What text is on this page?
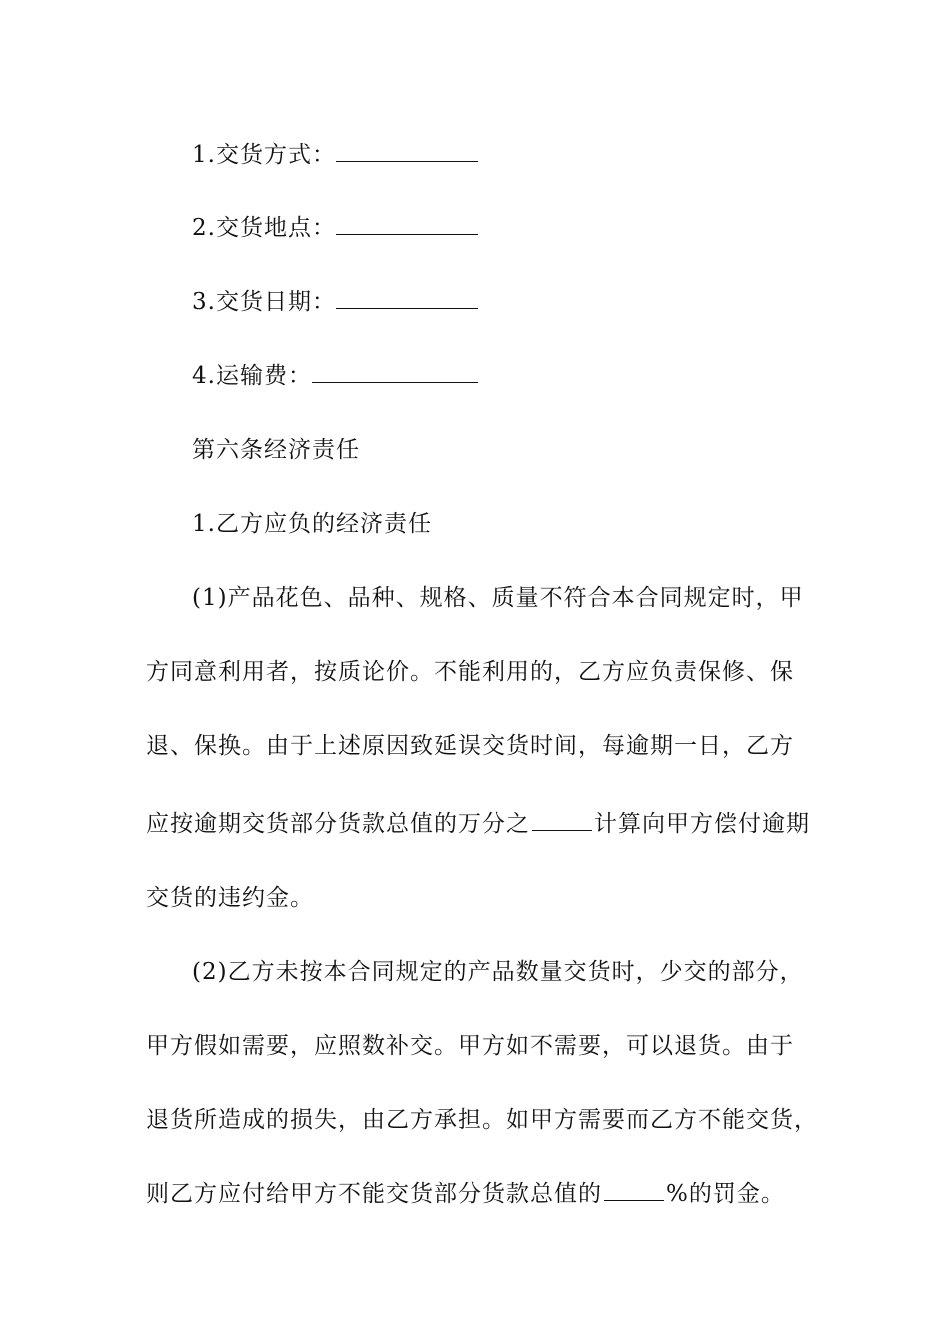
1.交货方式：
2.交货地点：
3.交货日期：
4.运输费：
第六条经济责任
1.乙方应负的经济责任
(1)产品花色、品种、规格、质量不符合本合同规定时，甲
方同意利用者，按质论价。不能利用的，乙方应负责保修、保
退、保换。由于上述原因致延误交货时间，每逾期一日，乙方
应按逾期交货部分货款总值的万分之	计算向甲方偿付逾期
交货的违约金。
(2)乙方未按本合同规定的产品数量交货时，少交的部分，
甲方假如需要，应照数补交。甲方如不需要，可以退货。由于
退货所造成的损失，由乙方承担。如甲方需要而乙方不能交货，
则乙方应付给甲方不能交货部分货款总值的	%的罚金。
